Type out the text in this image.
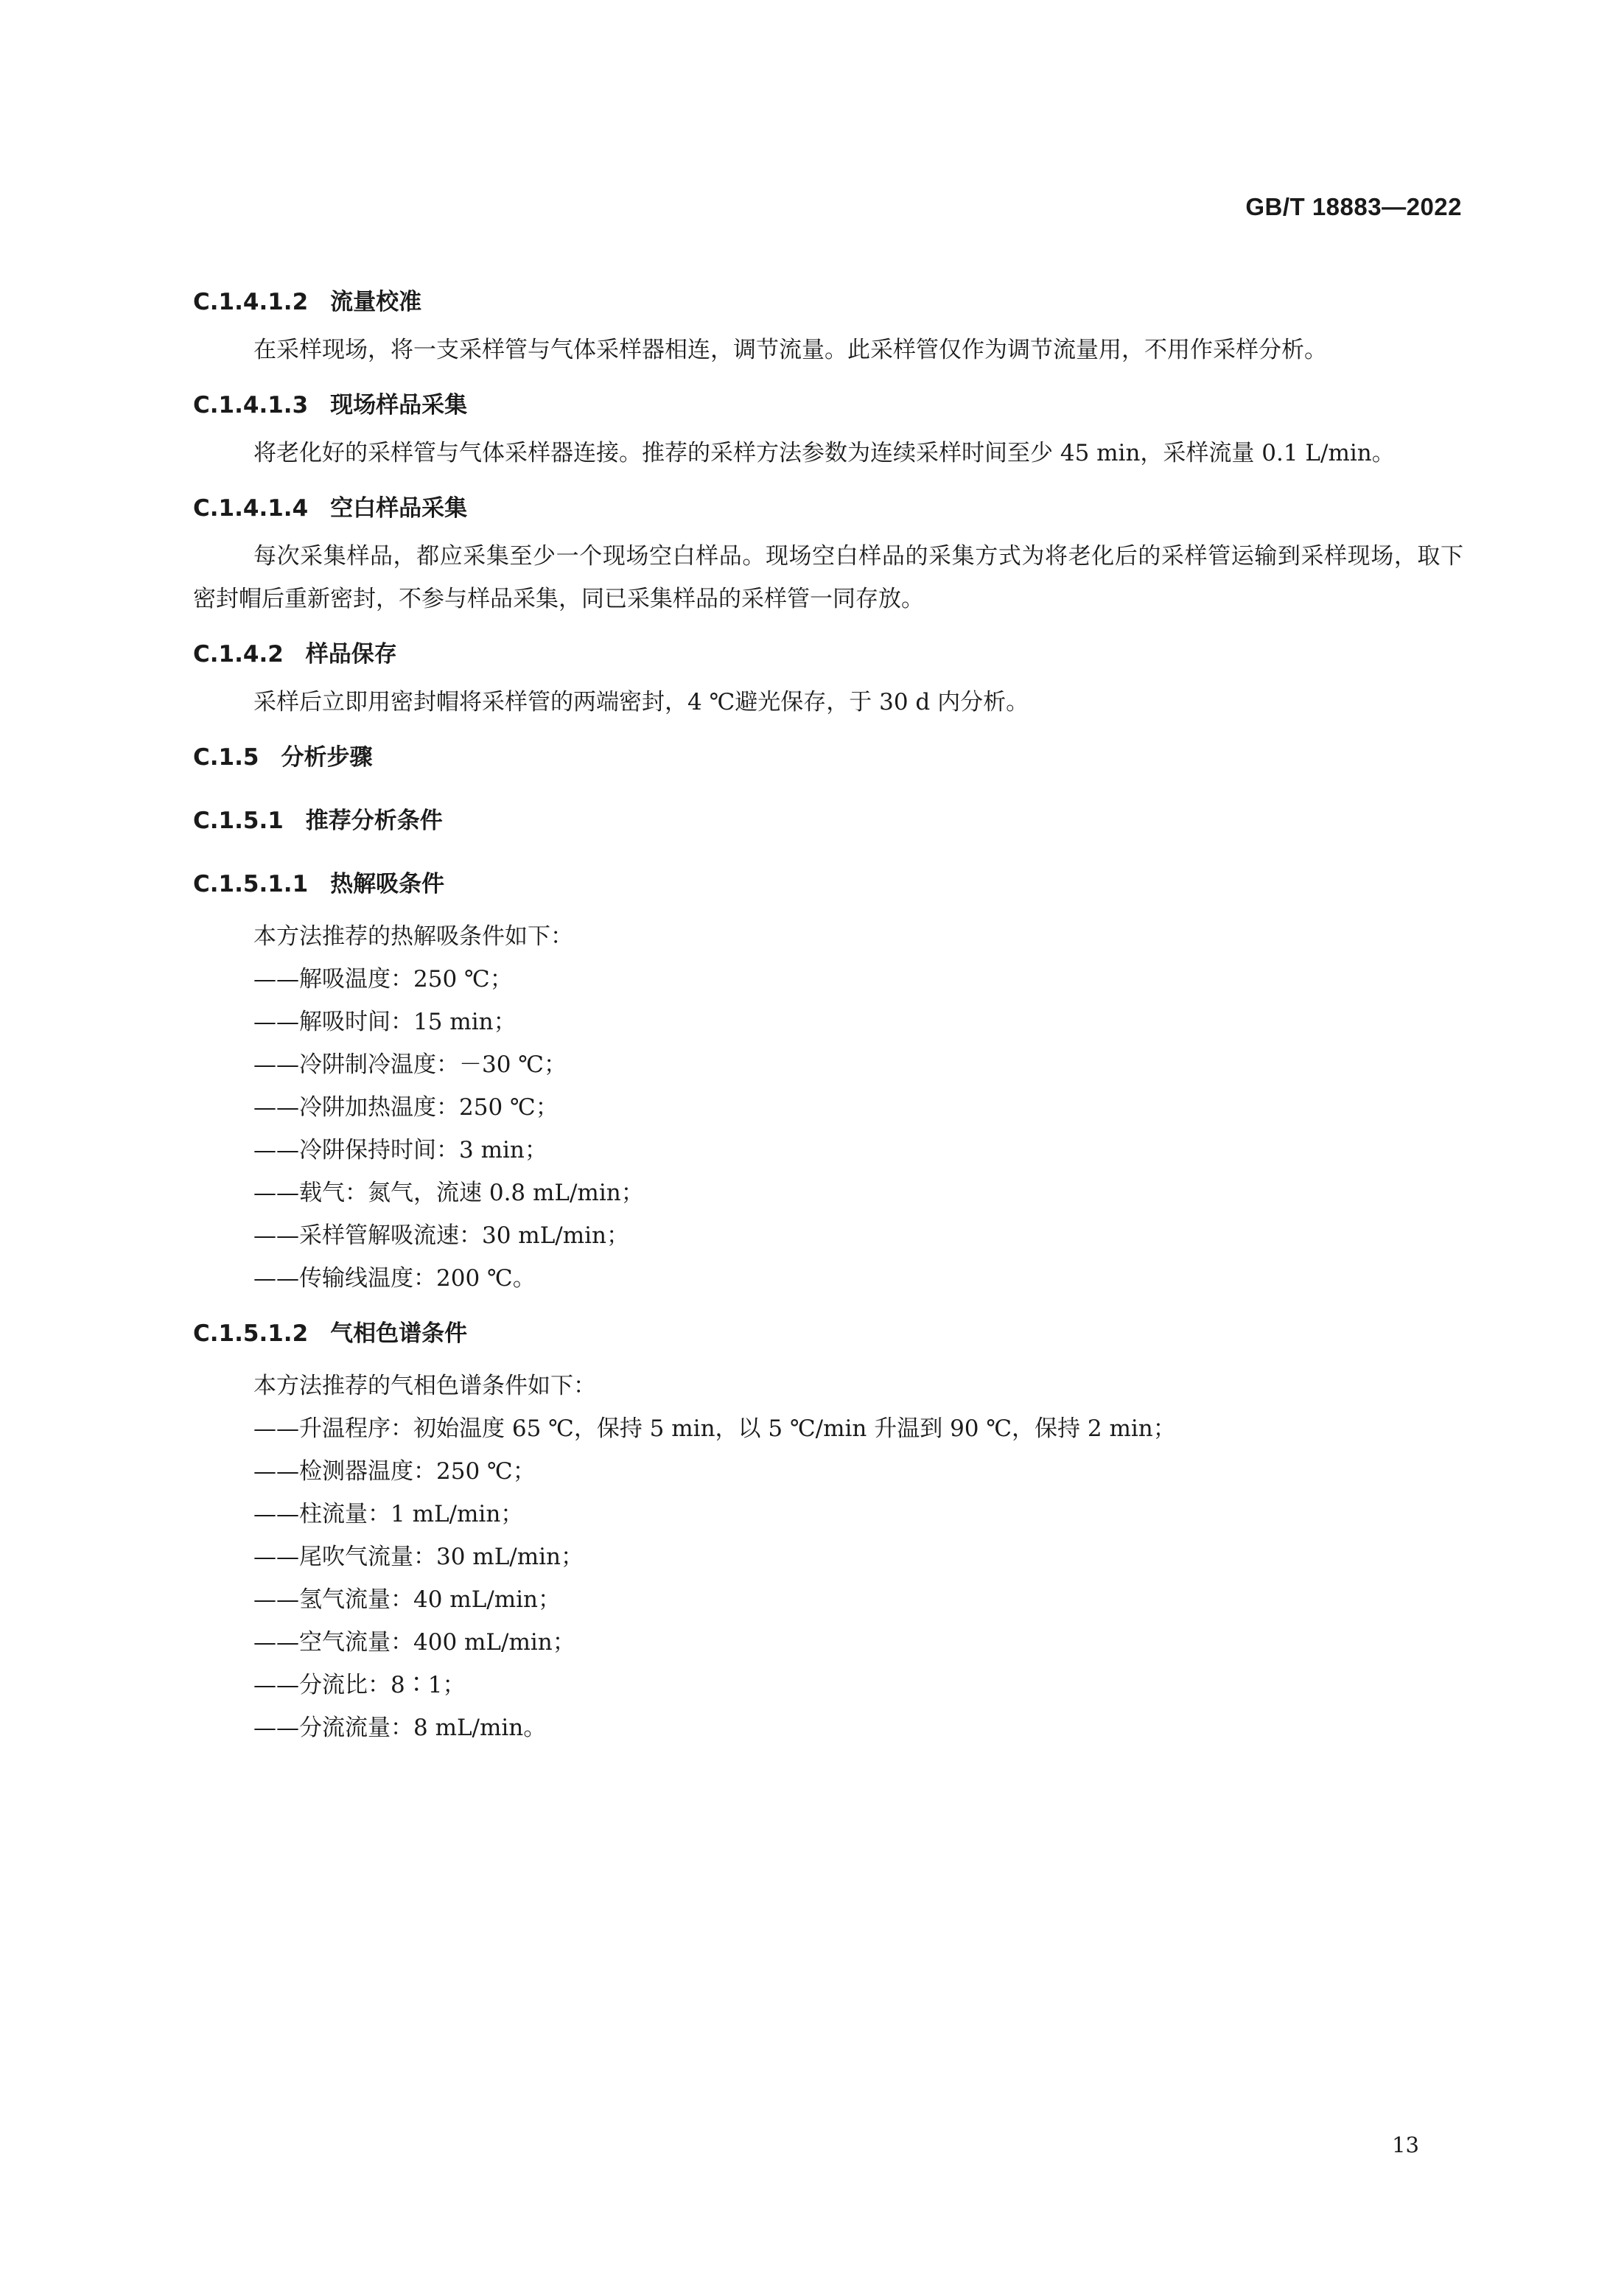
GB/T 18883—2022
C.1.4.1.2 流量校准

在采样现场，将一支采样管与气体采样器相连，调节流量。此采样管仅作为调节流量用，不用作采样分析。

C.1.4.1.3 现场样品采集

将老化好的采样管与气体采样器连接。推荐的采样方法参数为连续采样时间至少 45 min，采样流量 0.1 L/min。

C.1.4.1.4 空白样品采集

每次采集样品，都应采集至少一个现场空白样品。现场空白样品的采集方式为将老化后的采样管运输到采样现场，取下密封帽后重新密封，不参与样品采集，同已采集样品的采样管一同存放。

C.1.4.2 样品保存

采样后立即用密封帽将采样管的两端密封，4 ℃避光保存，于 30 d 内分析。

C.1.5 分析步骤
C.1.5.1 推荐分析条件
C.1.5.1.1 热解吸条件

本方法推荐的热解吸条件如下：

——解吸温度：250 ℃；

——解吸时间：15 min；

——冷阱制冷温度：－30 ℃；

——冷阱加热温度：250 ℃；

——冷阱保持时间：3 min；

——载气：氮气，流速 0.8 mL/min；

——采样管解吸流速：30 mL/min；

——传输线温度：200 ℃。

C.1.5.1.2 气相色谱条件

本方法推荐的气相色谱条件如下：

——升温程序：初始温度 65 ℃，保持 5 min，以 5 ℃/min 升温到 90 ℃，保持 2 min；

——检测器温度：250 ℃；

——柱流量：1 mL/min；

——尾吹气流量：30 mL/min；

——氢气流量：40 mL/min；

——空气流量：400 mL/min；

——分流比：8∶1；

——分流流量：8 mL/min。

13
